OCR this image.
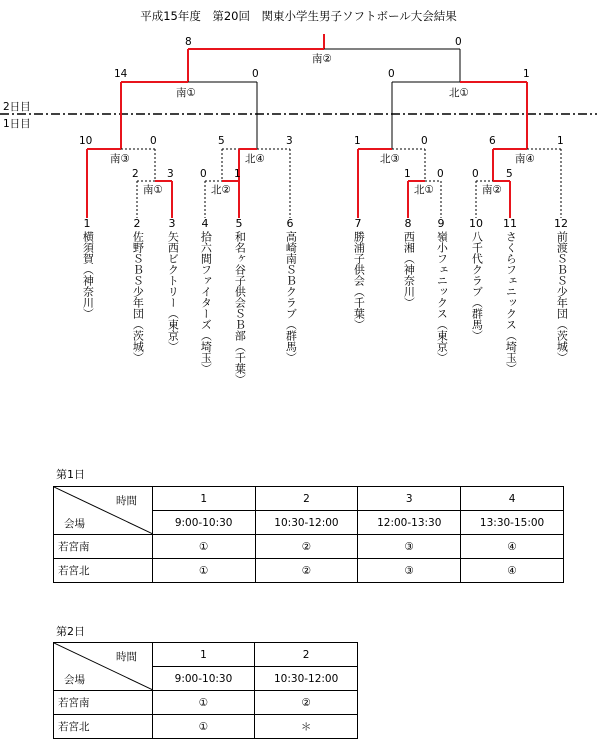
平成15年度　第20回　関東小学生男子ソフトボール大会結果
2日目
1日目
8	0
南②
14	0
南①
0	1
北①
10	0
南③
2	3
南①
5	3
北④
0	1
北②
1	0
北③
1	0
北①
6	1
南④
0	5
南②
1
横須賀（神奈川）
2
佐野ＳＢＳ少年団（茨城）
3
矢西ビクトリー（東京）
4
拾六間ファイターズ（埼玉）
5
和名ヶ谷子供会ＳＢ部（千葉）
6
高崎南ＳＢクラブ（群馬）
7
勝浦子供会（千葉）
8
西湘（神奈川）
9
嶺小フェニックス（東京）
10
八千代クラブ（群馬）
11
さくらフェニックス（埼玉）
12
前渡ＳＢＳ少年団（茨城）
第1日
時間
会場	1	2	3	4
	9:00-10:30	10:30-12:00	12:00-13:30	13:30-15:00
若宮南	①	②	③	④
若宮北	①	②	③	④
第2日
時間
会場	1	2
	9:00-10:30	10:30-12:00
若宮南	①	②
若宮北	①	＊
